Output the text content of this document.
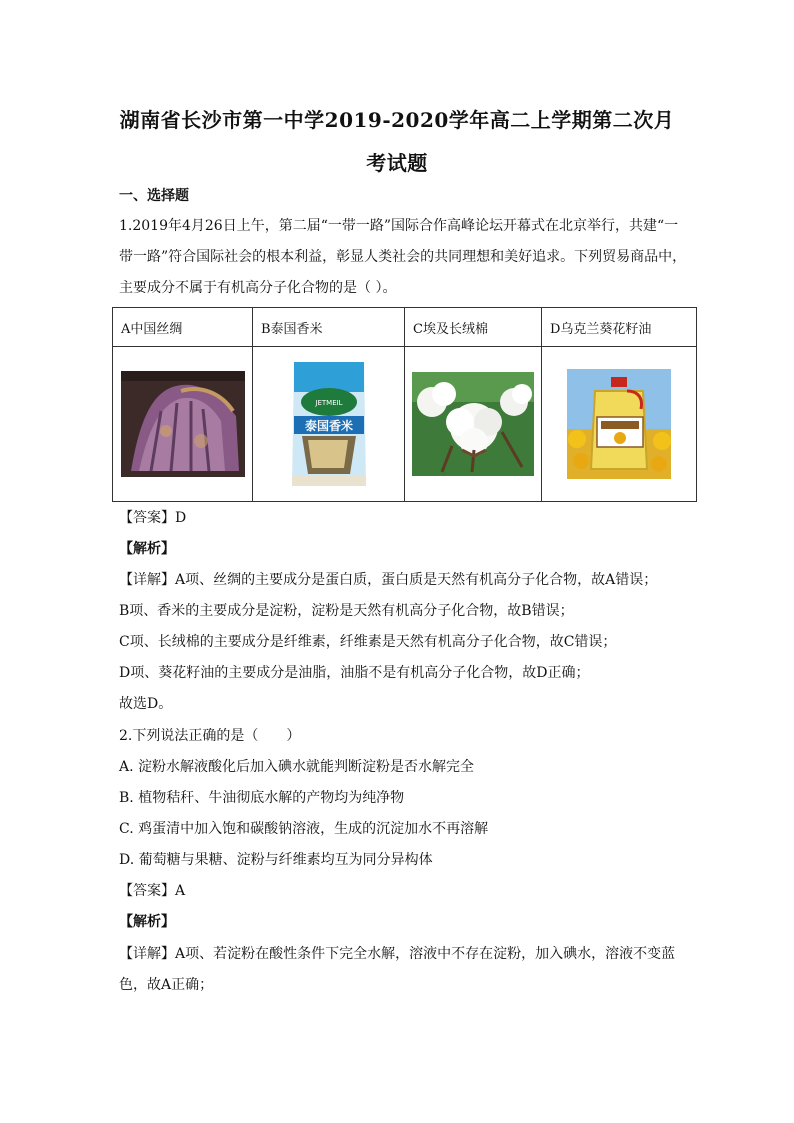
湖南省长沙市第一中学2019-2020学年高二上学期第二次月
考试题
一、选择题
1.2019年4月26日上午，第二届“一带一路”国际合作高峰论坛开幕式在北京举行，共建“一
带一路”符合国际社会的根本利益，彰显人类社会的共同理想和美好追求。下列贸易商品中，
主要成分不属于有机高分子化合物的是（ ）。
A中国丝绸	B泰国香米	C埃及长绒棉	D乌克兰葵花籽油

JETMEIL
泰国香米

【答案】D
【解析】
【详解】A项、丝绸的主要成分是蛋白质，蛋白质是天然有机高分子化合物，故A错误；
B项、香米的主要成分是淀粉，淀粉是天然有机高分子化合物，故B错误；
C项、长绒棉的主要成分是纤维素，纤维素是天然有机高分子化合物，故C错误；
D项、葵花籽油的主要成分是油脂，油脂不是有机高分子化合物，故D正确；
故选D。
2.下列说法正确的是（　　）
A. 淀粉水解液酸化后加入碘水就能判断淀粉是否水解完全
B. 植物秸秆、牛油彻底水解的产物均为纯净物
C. 鸡蛋清中加入饱和碳酸钠溶液，生成的沉淀加水不再溶解
D. 葡萄糖与果糖、淀粉与纤维素均互为同分异构体
【答案】A
【解析】
【详解】A项、若淀粉在酸性条件下完全水解，溶液中不存在淀粉，加入碘水，溶液不变蓝
色，故A正确；
